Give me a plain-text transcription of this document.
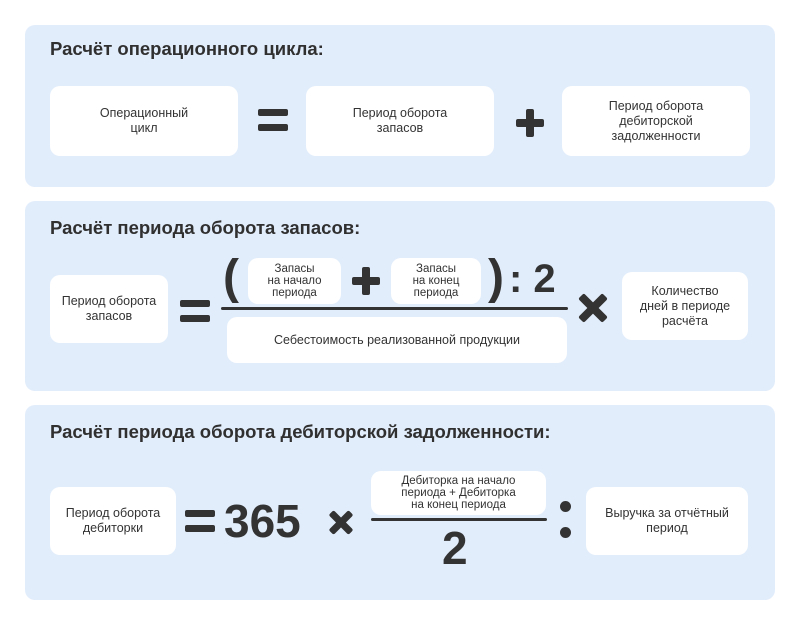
Расчёт операционного цикла:
Операционный
цикл
Период оборота
запасов
Период оборота
дебиторской
задолженности
Расчёт периода оборота запасов:
Период оборота
запасов
(	Запасы
на начало
периода
Запасы
на конец
периода ) : 2
Себестоимость реализованной продукции
Количество
дней в периоде
расчёта
Расчёт периода оборота дебиторской задолженности:
Период оборота
дебиторки	365
Дебиторка на начало
периода + Дебиторка
на конец периода
2
Выручка за отчётный
период
